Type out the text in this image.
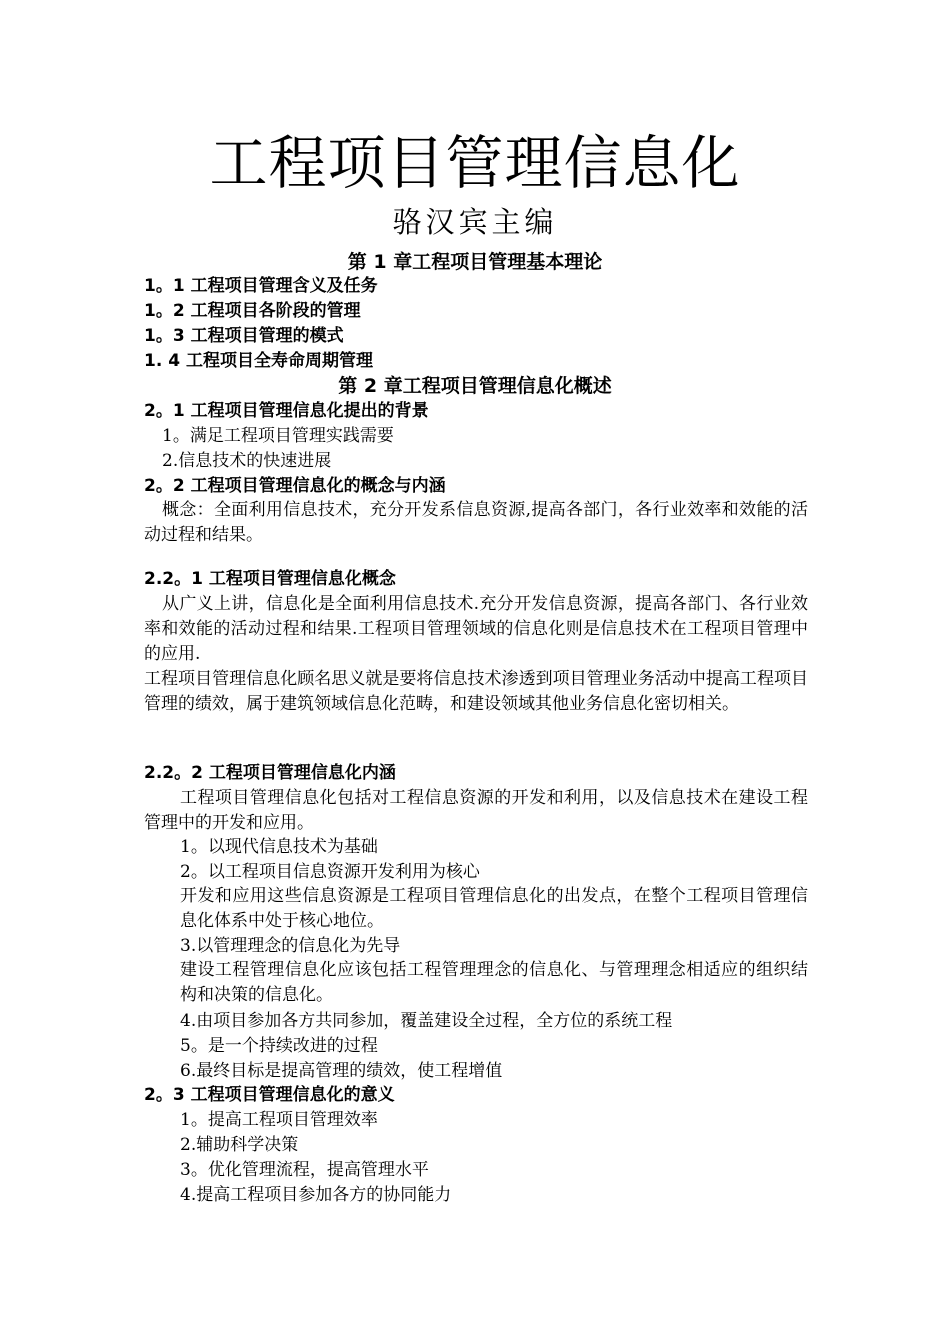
工程项目管理信息化
骆汉宾主编
第 1 章工程项目管理基本理论
1。1 工程项目管理含义及任务
1。2 工程项目各阶段的管理
1。3 工程项目管理的模式
1. 4 工程项目全寿命周期管理
第 2 章工程项目管理信息化概述
2。1 工程项目管理信息化提出的背景
1。满足工程项目管理实践需要
2.信息技术的快速进展
2。2 工程项目管理信息化的概念与内涵
概念：全面利用信息技术，充分开发系信息资源,提高各部门，各行业效率和效能的活动过程和结果。
2.2。1 工程项目管理信息化概念
从广义上讲，信息化是全面利用信息技术.充分开发信息资源，提高各部门、各行业效率和效能的活动过程和结果.工程项目管理领域的信息化则是信息技术在工程项目管理中的应用.
工程项目管理信息化顾名思义就是要将信息技术渗透到项目管理业务活动中提高工程项目管理的绩效，属于建筑领域信息化范畴，和建设领域其他业务信息化密切相关。
2.2。2 工程项目管理信息化内涵
工程项目管理信息化包括对工程信息资源的开发和利用，以及信息技术在建设工程管理中的开发和应用。
1。以现代信息技术为基础
2。以工程项目信息资源开发利用为核心
开发和应用这些信息资源是工程项目管理信息化的出发点，在整个工程项目管理信息化体系中处于核心地位。
3.以管理理念的信息化为先导
建设工程管理信息化应该包括工程管理理念的信息化、与管理理念相适应的组织结构和决策的信息化。
4.由项目参加各方共同参加，覆盖建设全过程，全方位的系统工程
5。是一个持续改进的过程
6.最终目标是提高管理的绩效，使工程增值
2。3 工程项目管理信息化的意义
1。提高工程项目管理效率
2.辅助科学决策
3。优化管理流程，提高管理水平
4.提高工程项目参加各方的协同能力
